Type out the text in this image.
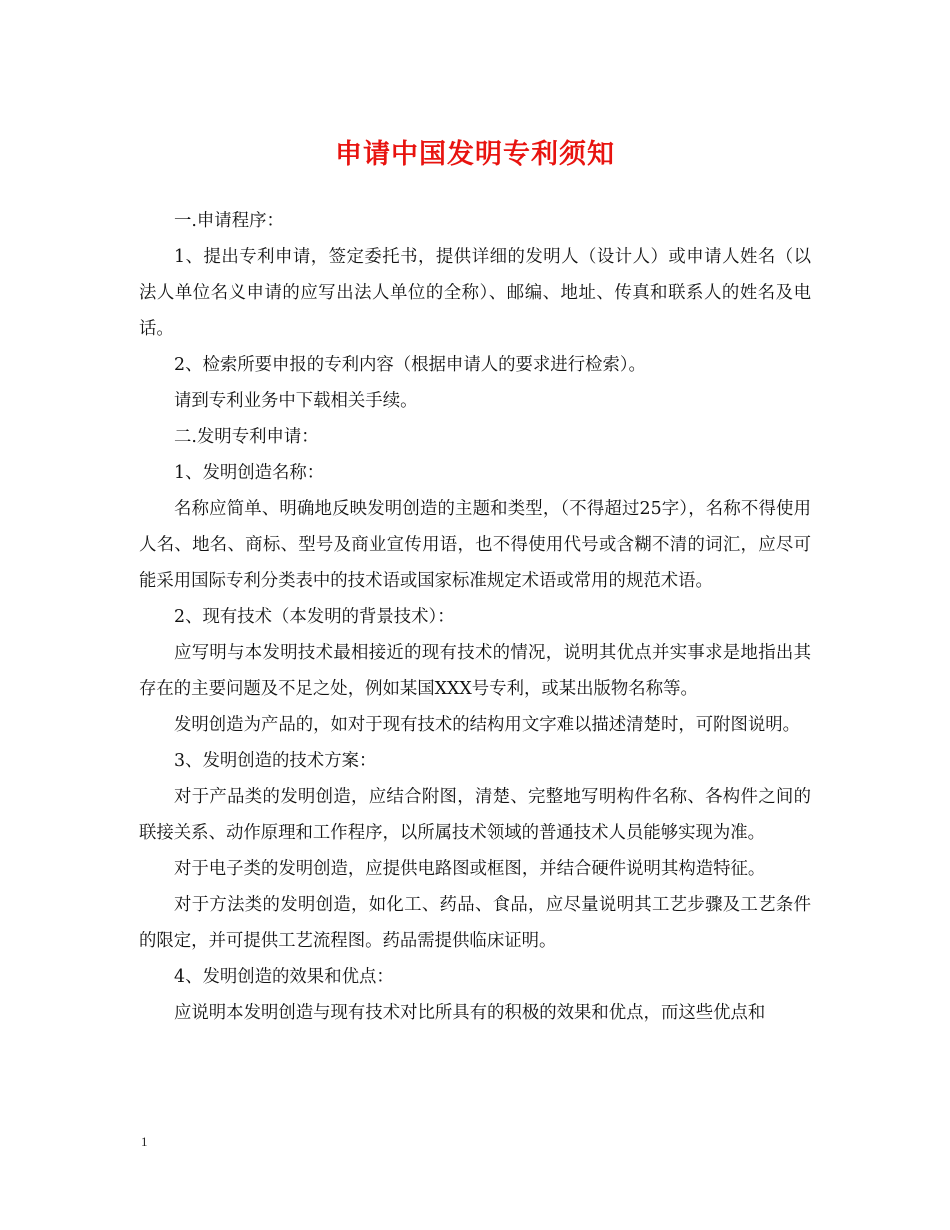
申请中国发明专利须知

一.申请程序：

1、提出专利申请，签定委托书，提供详细的发明人（设计人）或申请人姓名（以法人单位名义申请的应写出法人单位的全称）、邮编、地址、传真和联系人的姓名及电话。

2、检索所要申报的专利内容（根据申请人的要求进行检索）。

请到专利业务中下载相关手续。

二.发明专利申请：

1、发明创造名称：

名称应简单、明确地反映发明创造的主题和类型，（不得超过25字），名称不得使用人名、地名、商标、型号及商业宣传用语，也不得使用代号或含糊不清的词汇，应尽可能采用国际专利分类表中的技术语或国家标准规定术语或常用的规范术语。

2、现有技术（本发明的背景技术）：

应写明与本发明技术最相接近的现有技术的情况，说明其优点并实事求是地指出其存在的主要问题及不足之处，例如某国XXX号专利，或某出版物名称等。

发明创造为产品的，如对于现有技术的结构用文字难以描述清楚时，可附图说明。

3、发明创造的技术方案：

对于产品类的发明创造，应结合附图，清楚、完整地写明构件名称、各构件之间的联接关系、动作原理和工作程序，以所属技术领域的普通技术人员能够实现为准。

对于电子类的发明创造，应提供电路图或框图，并结合硬件说明其构造特征。

对于方法类的发明创造，如化工、药品、食品，应尽量说明其工艺步骤及工艺条件的限定，并可提供工艺流程图。药品需提供临床证明。

4、发明创造的效果和优点：

应说明本发明创造与现有技术对比所具有的积极的效果和优点，而这些优点和

1
